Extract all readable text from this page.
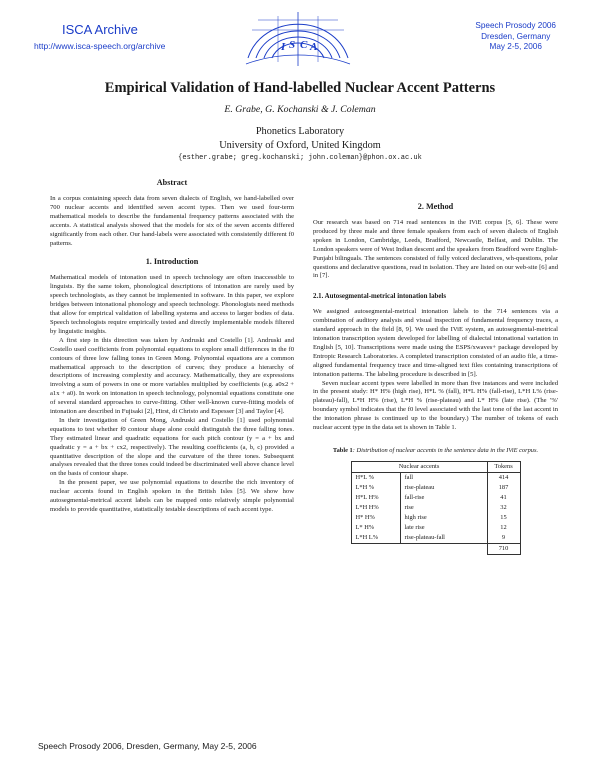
ISCA Archive
http://www.isca-speech.org/archive	I S C A
Speech Prosody 2006
Dresden, Germany
May 2-5, 2006
Empirical Validation of Hand-labelled Nuclear Accent Patterns
E. Grabe, G. Kochanski & J. Coleman
Phonetics Laboratory
University of Oxford, United Kingdom
{esther.grabe; greg.kochanski; john.coleman}@phon.ox.ac.uk
Abstract

In a corpus containing speech data from seven dialects of English, we hand-labelled over 700 nuclear accents and identified seven accent types. Then we used four-term mathematical models to describe the fundamental frequency patterns associated with the accents. A statistical analysis showed that the models for six of the seven accents differed significantly from each other. Our hand-labels were associated with consistently different f0 patterns.

1. Introduction

Mathematical models of intonation used in speech technology are often inaccessible to linguists. By the same token, phonological descriptions of intonation are rarely used by speech technologists, as they cannot be implemented in software. In this paper, we explore bridges between intonational phonology and speech technology. Phonologists need methods that allow for empirical validation of labelling systems and access to larger bodies of data. Speech technologists require empirically tested and directly implementable models filtered by linguistic insights.

A first step in this direction was taken by Andruski and Costello [1]. Andruski and Costello used coefficients from polynomial equations to explore small differences in the f0 contours of three low falling tones in Green Mong. Polynomial equations are a common mathematical approach to the description of curves; they produce a hierarchy of descriptions of increasing complexity and accuracy. Mathematically, they are expressions involving a sum of powers in one or more variables multiplied by coefficients (e.g. a0x2 + a1x + a0). In work on intonation in speech technology, polynomial equations constitute one of several standard approaches to curve-fitting. Other well-known curve-fitting models of intonation are described in Fujisaki [2], Hirst, di Christo and Espesser [3] and Taylor [4].

In their investigation of Green Mong, Andruski and Costello [1] used polynomial equations to test whether f0 contour shape alone could distinguish the three falling tones. They estimated linear and quadratic equations for each pitch contour (y = a + bx and quadratic y = a + bx + cx2, respectively). The resulting coefficients (a, b, c) provided a quantitative description of the slope and the curvature of the three tones. Subsequent analyses revealed that the three tones could indeed be discriminated well above chance level on the basis of contour shape.

In the present paper, we use polynomial equations to describe the rich inventory of nuclear accents found in English spoken in the British Isles [5]. We show how autosegmental-metrical accent labels can be mapped onto relatively simple polynomial models to provide quantitative, statistically testable descriptions of each accent type.

2. Method

Our research was based on 714 read sentences in the IViE corpus [5, 6]. These were produced by three male and three female speakers from each of seven dialects of English spoken in London, Cambridge, Leeds, Bradford, Newcastle, Belfast, and Dublin. The London speakers were of West Indian descent and the speakers from Bradford were English-Punjabi bilinguals. The sentences consisted of fully voiced declaratives, wh-questions, polar questions and declarative questions, read in isolation. They are listed on our web-site [6] and in [7].

2.1. Autosegmental-metrical intonation labels

We assigned autosegmental-metrical intonation labels to the 714 sentences via a combination of auditory analysis and visual inspection of fundamental frequency traces, a standard approach in the field [8, 9]. We used the IViE system, an autosegmental-metrical intonation transcription system developed for labelling of dialectal intonational variation in English [5, 10]. Transcriptions were made using the ESPS/xwaves+ package developed by Entropic Research Laboratories. A completed transcription consisted of an audio file, a time-aligned fundamental frequency trace and time-aligned text files containing transcriptions of intonation patterns. The labeling procedure is described in [5].

Seven nuclear accent types were labelled in more than five instances and were included in the present study: H* H% (high rise), H*L % (fall), H*L H% (fall-rise), L*H L% (rise-plateau)-fall), L*H H% (rise), L*H % (rise-plateau) and L* H% (late rise). (The '%' boundary symbol indicates that the f0 level associated with the last tone of the last accent in the intonation phrase is continued up to the boundary.) The number of tokens of each nuclear accent type in the data set is shown in Table 1.

Table 1: Distribution of nuclear accents in the sentence data in the IViE corpus.
Nuclear accents		Tokens
H*L %	fall	414
L*H %	rise-plateau	187
H*L H%	fall-rise	41
L*H H%	rise	32
H* H%	high rise	15
L* H%	late rise	12
L*H L%	rise-plateau-fall	9
		710
Speech Prosody 2006, Dresden, Germany, May 2-5, 2006
